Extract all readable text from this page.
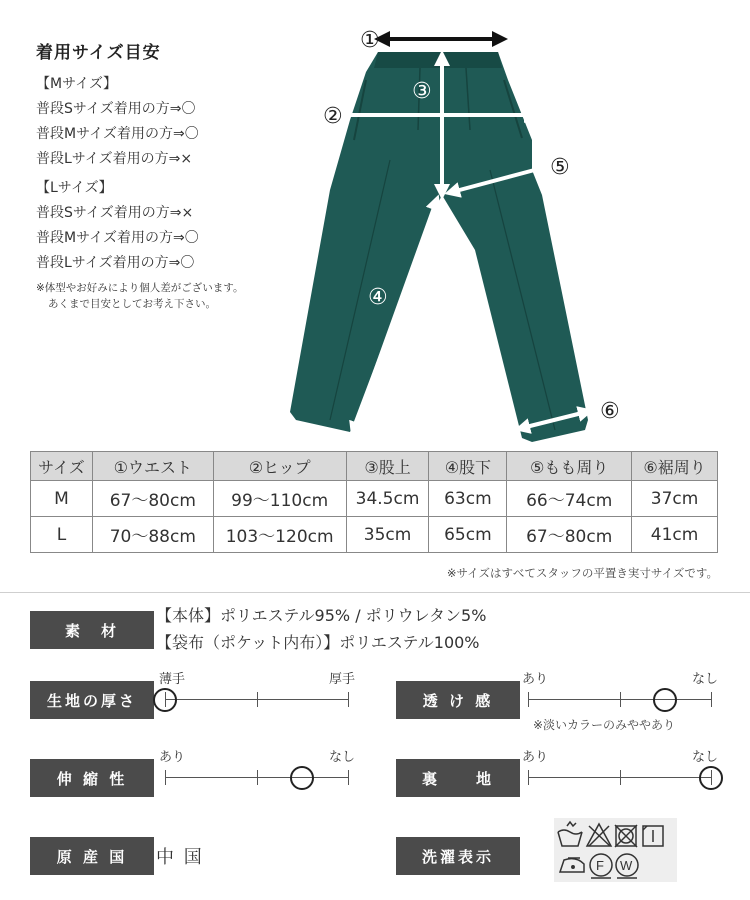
着用サイズ目安
【Mサイズ】
普段Sサイズ着用の方⇒〇
普段Mサイズ着用の方⇒〇
普段Lサイズ着用の方⇒×
【Lサイズ】
普段Sサイズ着用の方⇒×
普段Mサイズ着用の方⇒〇
普段Lサイズ着用の方⇒〇
※体型やお好みにより個人差がございます。
あくまで目安としてお考え下さい。
①
②
③
④
⑤
⑥
サイズ	①ウエスト	②ヒップ	③股上	④股下	⑤もも周り	⑥裾周り
M	67〜80cm	99〜110cm	34.5cm	63cm	66〜74cm	37cm
L	70〜88cm	103〜120cm	35cm	65cm	67〜80cm	41cm
※サイズはすべてスタッフの平置き実寸サイズです。
素　材
【本体】ポリエステル95% / ポリウレタン5%
【袋布（ポケット内布）】ポリエステル100%
生地の厚さ
薄手	厚手
透 け 感
あり	なし
※淡いカラーのみややあり
伸 縮 性
あり	なし
裏　　地
あり	なし
原 産 国	中 国	洗濯表示	F W
